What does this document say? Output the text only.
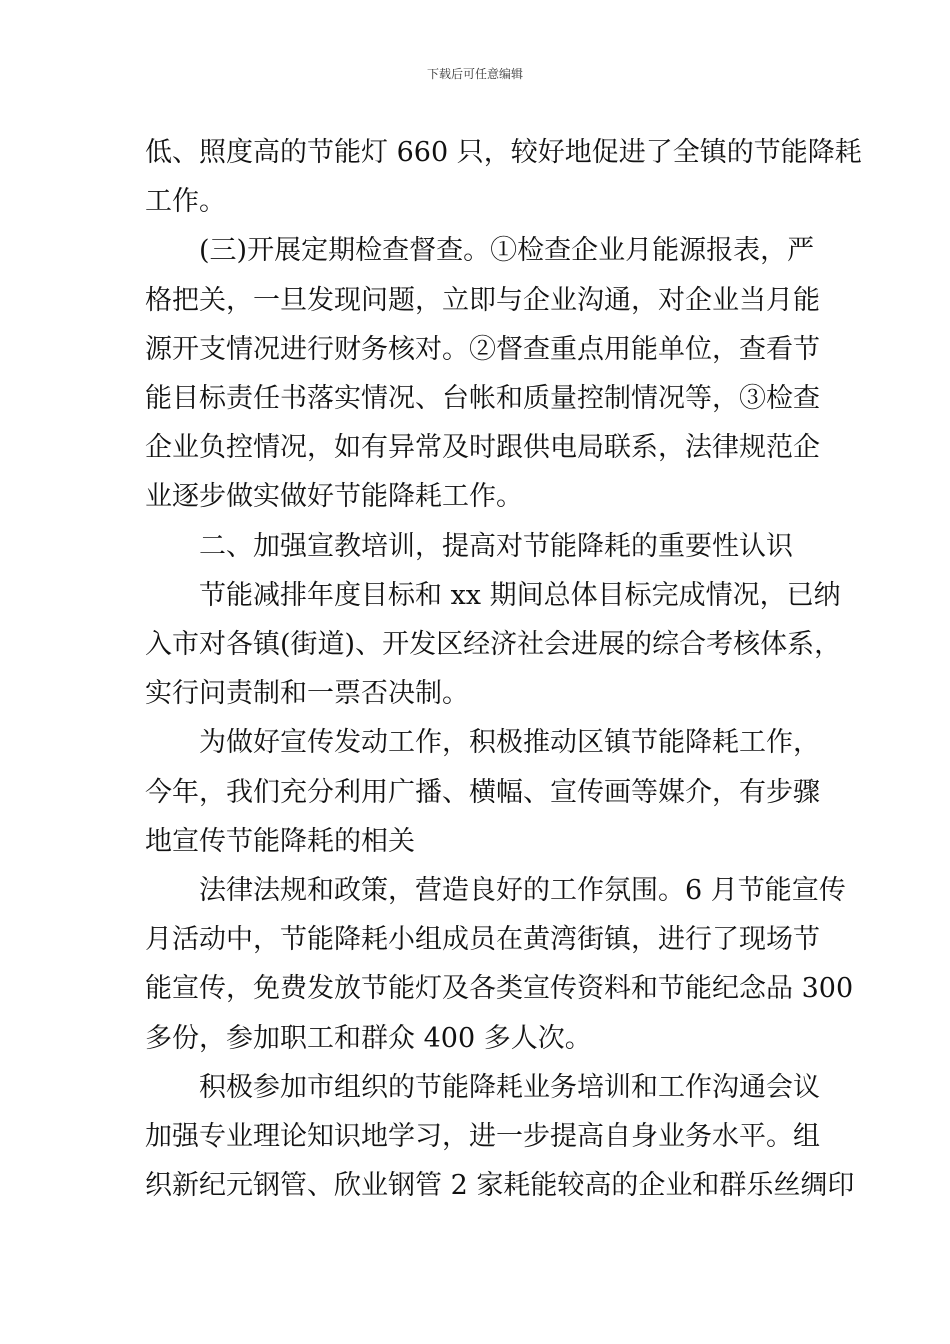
下载后可任意编辑

低、照度高的节能灯 660 只，较好地促进了全镇的节能降耗
工作。

(三)开展定期检查督查。①检查企业月能源报表，严
格把关，一旦发现问题，立即与企业沟通，对企业当月能
源开支情况进行财务核对。②督查重点用能单位，查看节
能目标责任书落实情况、台帐和质量控制情况等，③检查
企业负控情况，如有异常及时跟供电局联系，法律规范企
业逐步做实做好节能降耗工作。

二、加强宣教培训，提高对节能降耗的重要性认识

节能减排年度目标和 xx 期间总体目标完成情况，已纳
入市对各镇(街道)、开发区经济社会进展的综合考核体系，
实行问责制和一票否决制。

为做好宣传发动工作，积极推动区镇节能降耗工作，
今年，我们充分利用广播、横幅、宣传画等媒介，有步骤
地宣传节能降耗的相关

法律法规和政策，营造良好的工作氛围。6 月节能宣传
月活动中，节能降耗小组成员在黄湾街镇，进行了现场节
能宣传，免费发放节能灯及各类宣传资料和节能纪念品 300
多份，参加职工和群众 400 多人次。

积极参加市组织的节能降耗业务培训和工作沟通会议
加强专业理论知识地学习，进一步提高自身业务水平。组
织新纪元钢管、欣业钢管 2 家耗能较高的企业和群乐丝绸印
